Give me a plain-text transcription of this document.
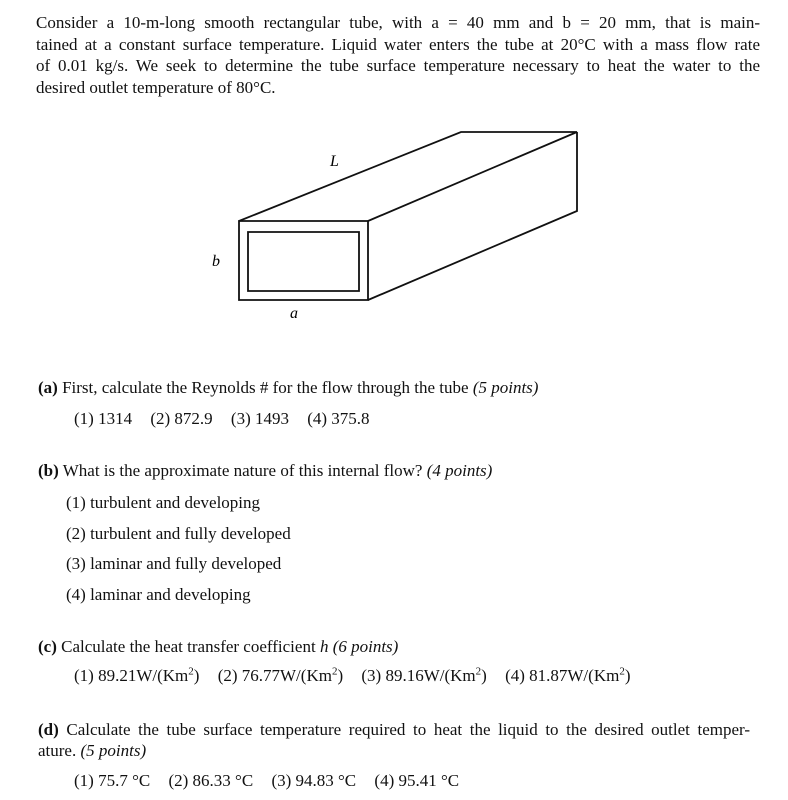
Consider a 10-m-long smooth rectangular tube, with a = 40 mm and b = 20 mm, that is main-
tained at a constant surface temperature. Liquid water enters the tube at 20°C with a mass flow rate
of 0.01 kg/s. We seek to determine the tube surface temperature necessary to heat the water to the
desired outlet temperature of 80°C.
L
b
a
(a) First, calculate the Reynolds # for the flow through the tube (5 points)
(1) 1314 (2) 872.9 (3) 1493 (4) 375.8
(b) What is the approximate nature of this internal flow? (4 points)
(1) turbulent and developing
(2) turbulent and fully developed
(3) laminar and fully developed
(4) laminar and developing
(c) Calculate the heat transfer coefficient h (6 points)
(1) 89.21W/(Km$^2$) (2) 76.77W/(Km$^2$) (3) 89.16W/(Km$^2$) (4) 81.87W/(Km$^2$)
(d) Calculate the tube surface temperature required to heat the liquid to the desired outlet temper-
ature. (5 points)
(1) 75.7 °C (2) 86.33 °C (3) 94.83 °C (4) 95.41 °C
